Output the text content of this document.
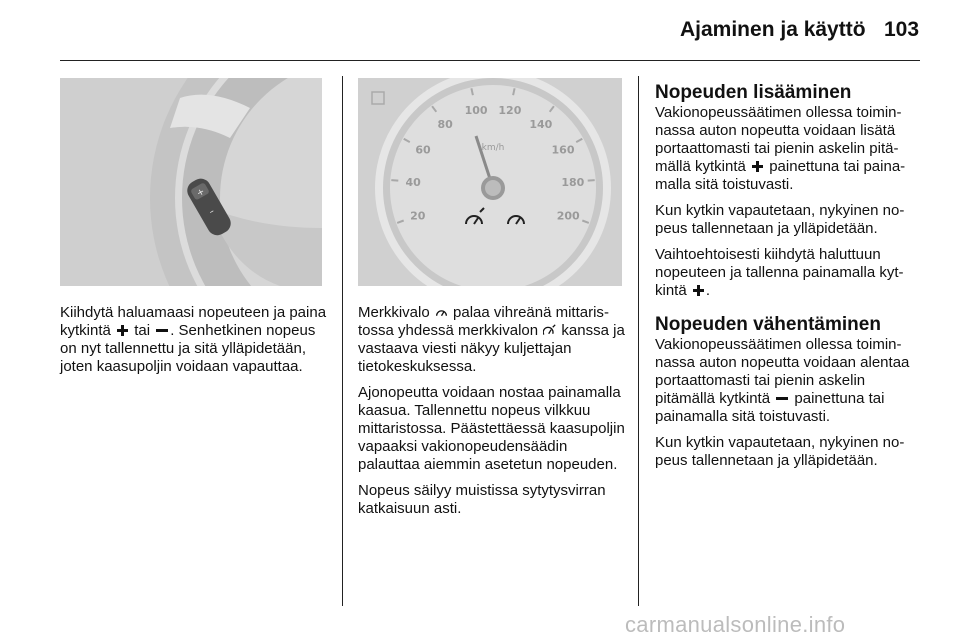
Ajaminen ja käyttö 103
+
–	20
40
60
80
100 120
140
160
180
200
km/h

Kiihdytä haluamaasi nopeuteen ja paina kytkintä  tai . Senhetkinen nopeus on nyt tallennettu ja sitä ylläpidetään, joten kaasupoljin voidaan vapauttaa.

Merkkivalo  palaa vihreänä mittaristossa yhdessä merkkivalon  kanssa ja vastaava viesti näkyy kuljettajan tietokeskuksessa.

Ajonopeutta voidaan nostaa painamalla kaasua. Tallennettu nopeus vilkkuu mittaristossa. Päästettäessä kaasupoljin vapaaksi vakionopeudensäädin palauttaa aiemmin asetetun nopeuden.

Nopeus säilyy muistissa sytytysvirran katkaisuun asti.

Nopeuden lisääminen

Vakionopeussäätimen ollessa toiminnassa auton nopeutta voidaan lisätä portaattomasti tai pienin askelin pitämällä kytkintä  painettuna tai painamalla sitä toistuvasti.

Kun kytkin vapautetaan, nykyinen nopeus tallennetaan ja ylläpidetään.

Vaihtoehtoisesti kiihdytä haluttuun nopeuteen ja tallenna painamalla kytkintä .

Nopeuden vähentäminen

Vakionopeussäätimen ollessa toiminnassa auton nopeutta voidaan alentaa portaattomasti tai pienin askelin pitämällä kytkintä  painettuna tai painamalla sitä toistuvasti.

Kun kytkin vapautetaan, nykyinen nopeus tallennetaan ja ylläpidetään.

carmanualsonline.info
